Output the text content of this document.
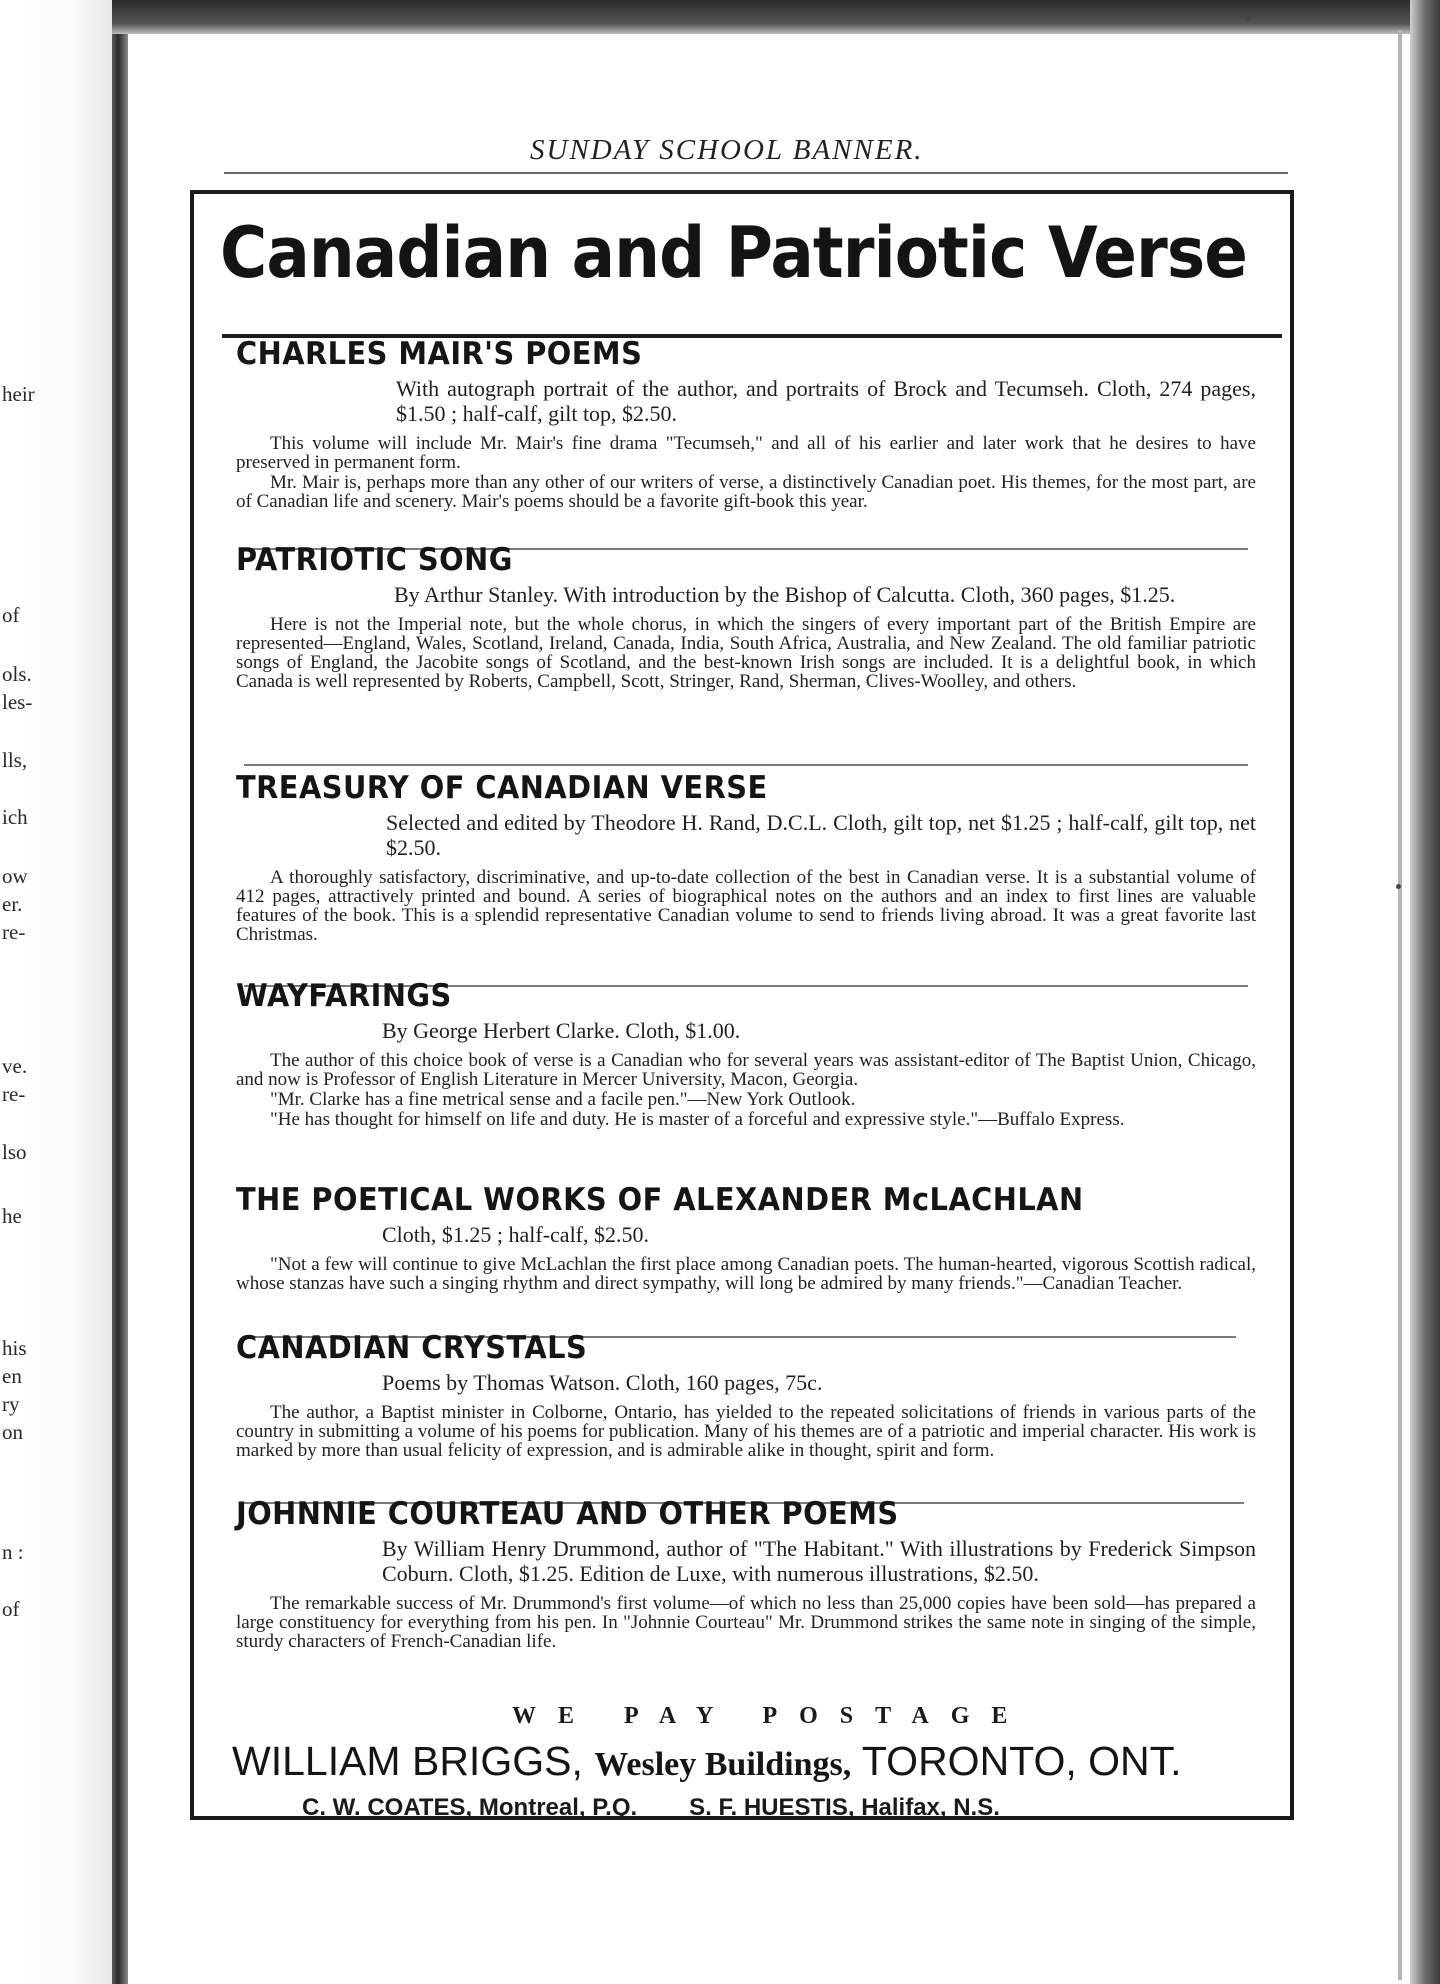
heir
of
ols.
les-
lls,
ich
ow
er.
re-
ve.
re-
lso
he
his
en
ry
on
n :
of
SUNDAY SCHOOL BANNER.
Canadian and Patriotic Verse
CHARLES MAIR'S POEMS
With autograph portrait of the author, and portraits of Brock and Tecumseh. Cloth, 274 pages, $1.50 ; half-calf, gilt top, $2.50.

This volume will include Mr. Mair's fine drama "Tecumseh," and all of his earlier and later work that he desires to have preserved in permanent form.

Mr. Mair is, perhaps more than any other of our writers of verse, a distinctively Canadian poet. His themes, for the most part, are of Canadian life and scenery. Mair's poems should be a favorite gift-book this year.

PATRIOTIC SONG
By Arthur Stanley. With introduction by the Bishop of Calcutta. Cloth, 360 pages, $1.25.

Here is not the Imperial note, but the whole chorus, in which the singers of every important part of the British Empire are represented—England, Wales, Scotland, Ireland, Canada, India, South Africa, Australia, and New Zealand. The old familiar patriotic songs of England, the Jacobite songs of Scotland, and the best-known Irish songs are included. It is a delightful book, in which Canada is well represented by Roberts, Campbell, Scott, Stringer, Rand, Sherman, Clives-Woolley, and others.

TREASURY OF CANADIAN VERSE
Selected and edited by Theodore H. Rand, D.C.L. Cloth, gilt top, net $1.25 ; half-calf, gilt top, net $2.50.

A thoroughly satisfactory, discriminative, and up-to-date collection of the best in Canadian verse. It is a substantial volume of 412 pages, attractively printed and bound. A series of biographical notes on the authors and an index to first lines are valuable features of the book. This is a splendid representative Canadian volume to send to friends living abroad. It was a great favorite last Christmas.

WAYFARINGS
By George Herbert Clarke. Cloth, $1.00.

The author of this choice book of verse is a Canadian who for several years was assistant-editor of The Baptist Union, Chicago, and now is Professor of English Literature in Mercer University, Macon, Georgia.

"Mr. Clarke has a fine metrical sense and a facile pen."—New York Outlook.

"He has thought for himself on life and duty. He is master of a forceful and expressive style."—Buffalo Express.

THE POETICAL WORKS OF ALEXANDER McLACHLAN
Cloth, $1.25 ; half-calf, $2.50.

"Not a few will continue to give McLachlan the first place among Canadian poets. The human-hearted, vigorous Scottish radical, whose stanzas have such a singing rhythm and direct sympathy, will long be admired by many friends."—Canadian Teacher.

CANADIAN CRYSTALS
Poems by Thomas Watson. Cloth, 160 pages, 75c.

The author, a Baptist minister in Colborne, Ontario, has yielded to the repeated solicitations of friends in various parts of the country in submitting a volume of his poems for publication. Many of his themes are of a patriotic and imperial character. His work is marked by more than usual felicity of expression, and is admirable alike in thought, spirit and form.

JOHNNIE COURTEAU AND OTHER POEMS
By William Henry Drummond, author of "The Habitant." With illustrations by Frederick Simpson Coburn. Cloth, $1.25. Edition de Luxe, with numerous illustrations, $2.50.

The remarkable success of Mr. Drummond's first volume—of which no less than 25,000 copies have been sold—has prepared a large constituency for everything from his pen. In "Johnnie Courteau" Mr. Drummond strikes the same note in singing of the simple, sturdy characters of French-Canadian life.

WE PAY POSTAGE
WILLIAM BRIGGS, Wesley Buildings, TORONTO, ONT.
C. W. COATES, Montreal, P.Q. S. F. HUESTIS, Halifax, N.S.
